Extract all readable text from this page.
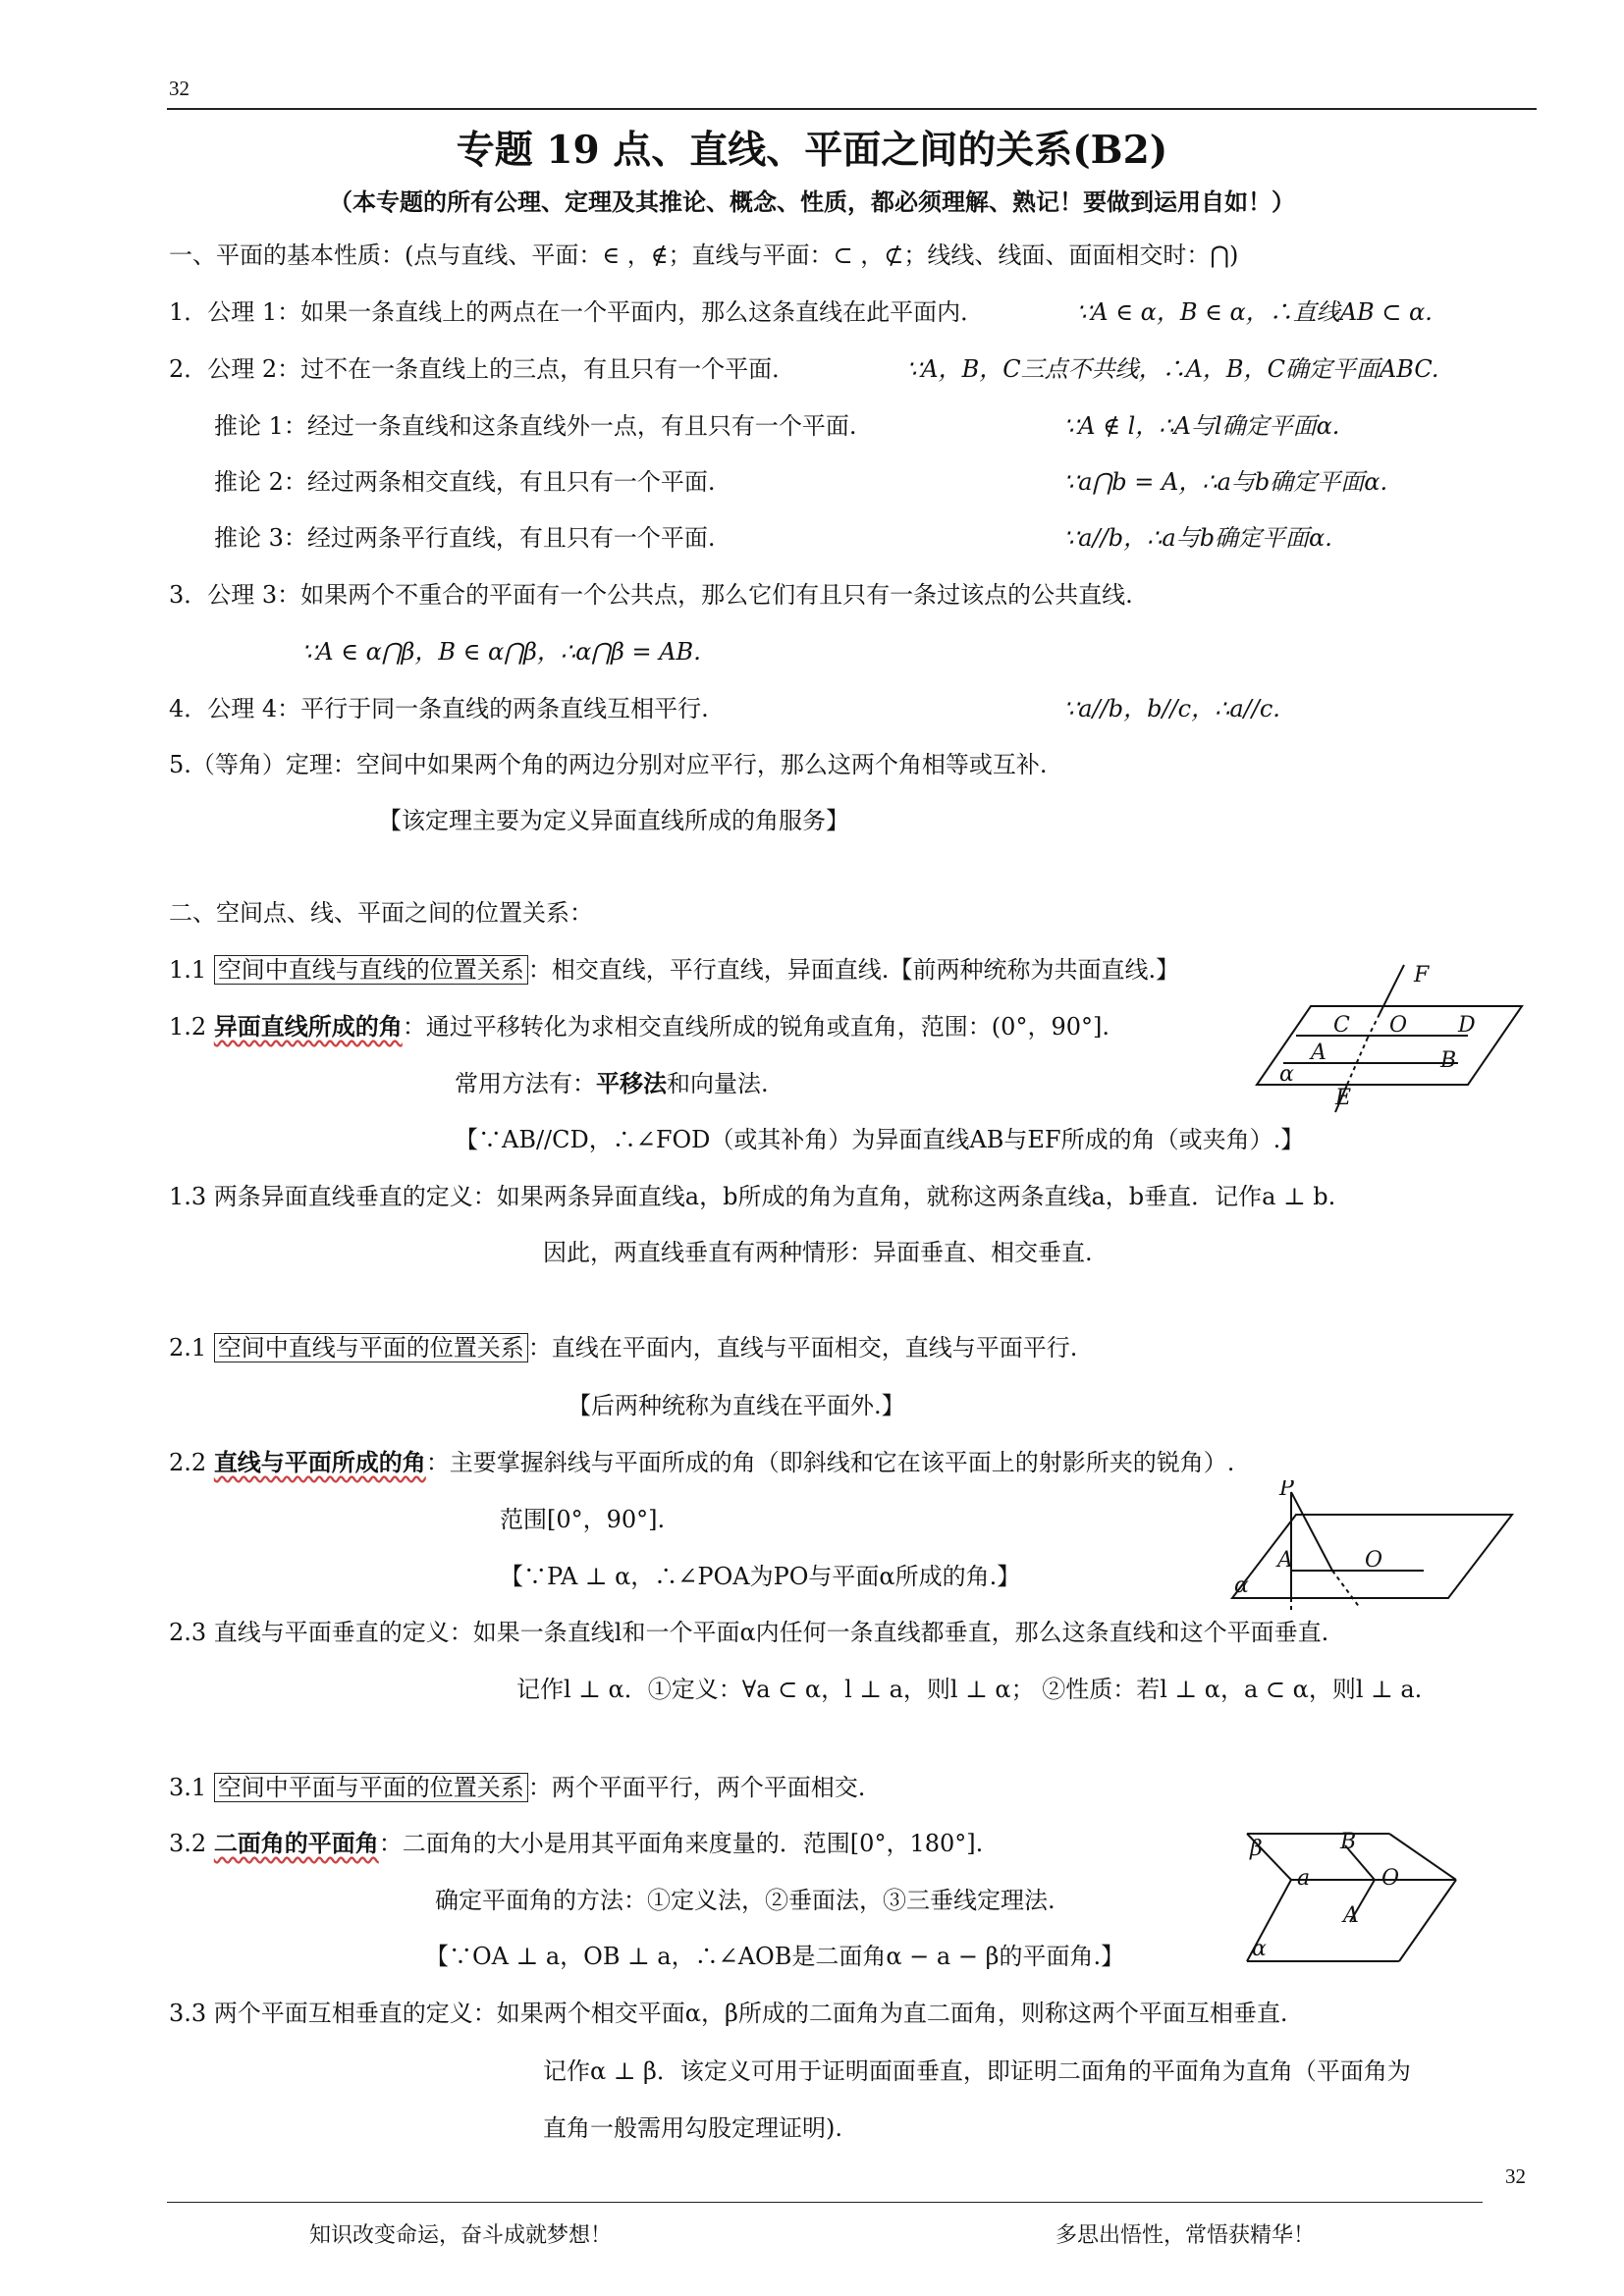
32
专题 19 点、直线、平面之间的关系(B2)
（本专题的所有公理、定理及其推论、概念、性质，都必须理解、熟记！要做到运用自如！）
一、平面的基本性质：(点与直线、平面：∈ ，∉；直线与平面：⊂ ，⊄；线线、线面、面面相交时：⋂)
1．公理 1：如果一条直线上的两点在一个平面内，那么这条直线在此平面内．	∵A ∈ α，B ∈ α，∴直线AB ⊂ α.
2．公理 2：过不在一条直线上的三点，有且只有一个平面．	∵A，B，C三点不共线，∴A，B，C确定平面ABC.
推论 1：经过一条直线和这条直线外一点，有且只有一个平面.	∵A ∉ l，∴A与l确定平面α.
推论 2：经过两条相交直线，有且只有一个平面.	∵a⋂b = A，∴a与b确定平面α.
推论 3：经过两条平行直线，有且只有一个平面.	∵a//b，∴a与b确定平面α.
3．公理 3：如果两个不重合的平面有一个公共点，那么它们有且只有一条过该点的公共直线.
∵A ∈ α⋂β，B ∈ α⋂β，∴α⋂β = AB.
4．公理 4：平行于同一条直线的两条直线互相平行.	∵a//b，b//c，∴a//c.
5.（等角）定理：空间中如果两个角的两边分别对应平行，那么这两个角相等或互补.
【该定理主要为定义异面直线所成的角服务】
二、空间点、线、平面之间的位置关系：
1.1 空间中直线与直线的位置关系 ：相交直线，平行直线，异面直线.【前两种统称为共面直线.】
1.2 异面直线所成的角：通过平移转化为求相交直线所成的锐角或直角，范围：(0°，90°].
常用方法有：平移法和向量法.
【∵AB//CD，∴∠FOD（或其补角）为异面直线AB与EF所成的角（或夹角）.】
1.3 两条异面直线垂直的定义：如果两条异面直线a，b所成的角为直角，就称这两条直线a，b垂直．记作a ⊥ b.
因此，两直线垂直有两种情形：异面垂直、相交垂直.
2.1 空间中直线与平面的位置关系 ：直线在平面内，直线与平面相交，直线与平面平行.
【后两种统称为直线在平面外.】
2.2 直线与平面所成的角：主要掌握斜线与平面所成的角（即斜线和它在该平面上的射影所夹的锐角）.
范围[0°，90°].
【∵PA ⊥ α，∴∠POA为PO与平面α所成的角.】
2.3 直线与平面垂直的定义：如果一条直线l和一个平面α内任何一条直线都垂直，那么这条直线和这个平面垂直.
记作l ⊥ α．①定义：∀a ⊂ α，l ⊥ a，则l ⊥ α； ②性质：若l ⊥ α，a ⊂ α，则l ⊥ a.
3.1 空间中平面与平面的位置关系 ：两个平面平行，两个平面相交.
3.2 二面角的平面角：二面角的大小是用其平面角来度量的．范围[0°，180°].
确定平面角的方法：①定义法，②垂面法，③三垂线定理法.
【∵OA ⊥ a，OB ⊥ a，∴∠AOB是二面角α − a − β的平面角.】
3.3 两个平面互相垂直的定义：如果两个相交平面α，β所成的二面角为直二面角，则称这两个平面互相垂直.
记作α ⊥ β．该定义可用于证明面面垂直，即证明二面角的平面角为直角（平面角为
直角一般需用勾股定理证明).
F
C O D
A	B
α
E
P
A	O
α
β	B
a	O
A
α
32
知识改变命运，奋斗成就梦想！	多思出悟性，常悟获精华！
